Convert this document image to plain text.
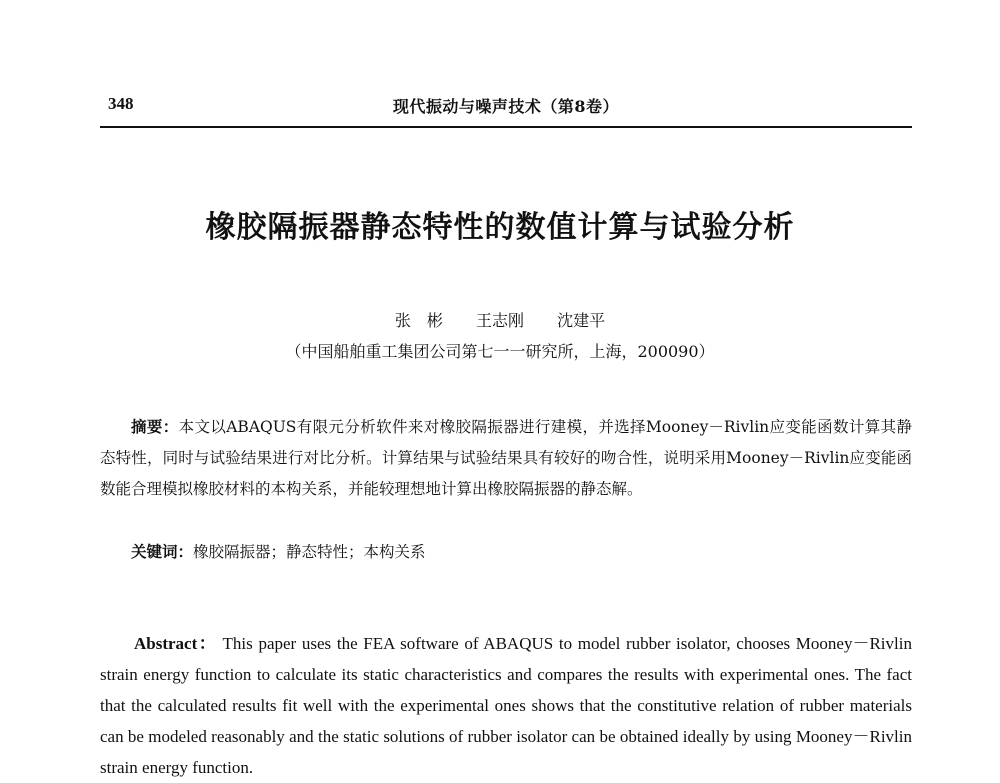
348	现代振动与噪声技术（第8卷）
橡胶隔振器静态特性的数值计算与试验分析
张　彬 王志刚 沈建平
（中国船舶重工集团公司第七一一研究所，上海，200090）
摘要：本文以ABAQUS有限元分析软件来对橡胶隔振器进行建模，并选择Mooney－Rivlin应变能函数计算其静态特性，同时与试验结果进行对比分析。计算结果与试验结果具有较好的吻合性，说明采用Mooney－Rivlin应变能函数能合理模拟橡胶材料的本构关系，并能较理想地计算出橡胶隔振器的静态解。
关键词：橡胶隔振器；静态特性；本构关系
Abstract： This paper uses the FEA software of ABAQUS to model rubber isolator, chooses Mooney－Rivlin strain energy function to calculate its static characteristics and compares the results with experimental ones. The fact that the calculated results fit well with the experimental ones shows that the constitutive relation of rubber materials can be modeled reasonably and the static solutions of rubber isolator can be obtained ideally by using Mooney－Rivlin strain energy function.
